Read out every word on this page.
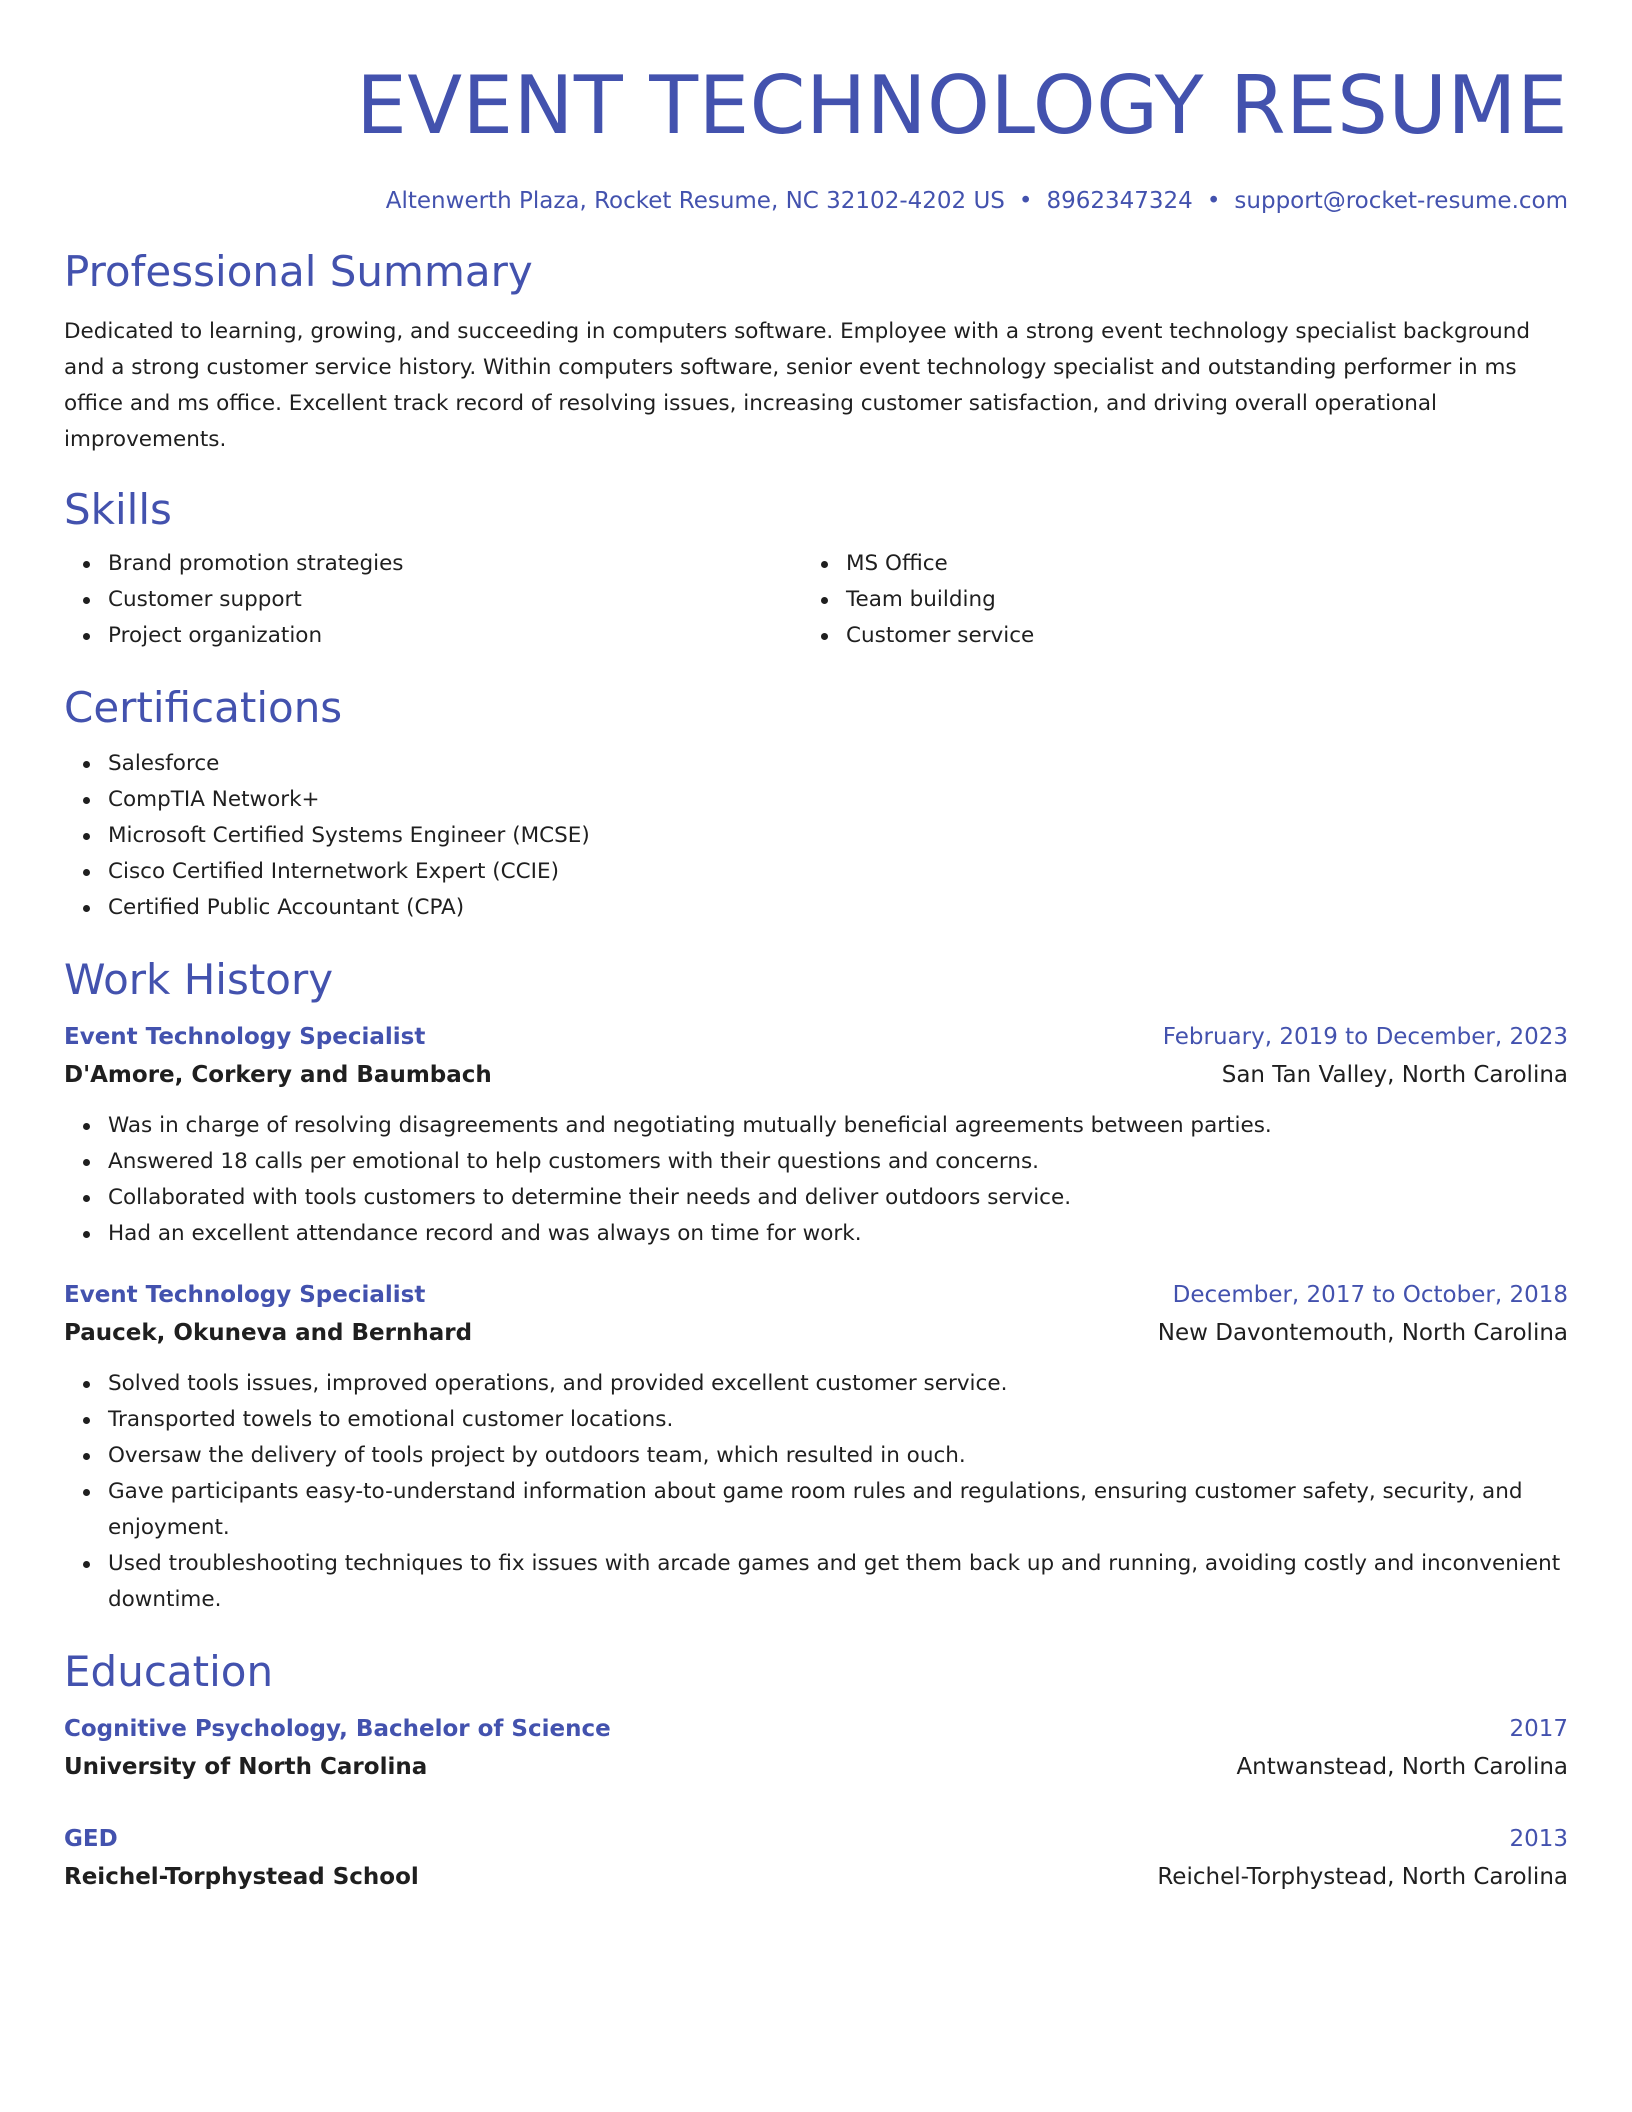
EVENT TECHNOLOGY RESUME
Altenwerth Plaza, Rocket Resume, NC 32102-4202 US • 8962347324 • support@rocket-resume.com
Professional Summary

Dedicated to learning, growing, and succeeding in computers software. Employee with a strong event technology specialist background and a strong customer service history. Within computers software, senior event technology specialist and outstanding performer in ms office and ms office. Excellent track record of resolving issues, increasing customer satisfaction, and driving overall operational improvements.

Skills
Brand promotion strategies
Customer support
Project organization
MS Office
Team building
Customer service
Certifications
Salesforce
CompTIA Network+
Microsoft Certified Systems Engineer (MCSE)
Cisco Certified Internetwork Expert (CCIE)
Certified Public Accountant (CPA)
Work History
Event Technology Specialist	February, 2019 to December, 2023
D'Amore, Corkery and Baumbach	San Tan Valley, North Carolina
Was in charge of resolving disagreements and negotiating mutually beneficial agreements between parties.
Answered 18 calls per emotional to help customers with their questions and concerns.
Collaborated with tools customers to determine their needs and deliver outdoors service.
Had an excellent attendance record and was always on time for work.
Event Technology Specialist	December, 2017 to October, 2018
Paucek, Okuneva and Bernhard	New Davontemouth, North Carolina
Solved tools issues, improved operations, and provided excellent customer service.
Transported towels to emotional customer locations.
Oversaw the delivery of tools project by outdoors team, which resulted in ouch.
Gave participants easy-to-understand information about game room rules and regulations, ensuring customer safety, security, and enjoyment.
Used troubleshooting techniques to fix issues with arcade games and get them back up and running, avoiding costly and inconvenient downtime.
Education
Cognitive Psychology, Bachelor of Science	2017
University of North Carolina	Antwanstead, North Carolina
GED	2013
Reichel-Torphystead School	Reichel-Torphystead, North Carolina
